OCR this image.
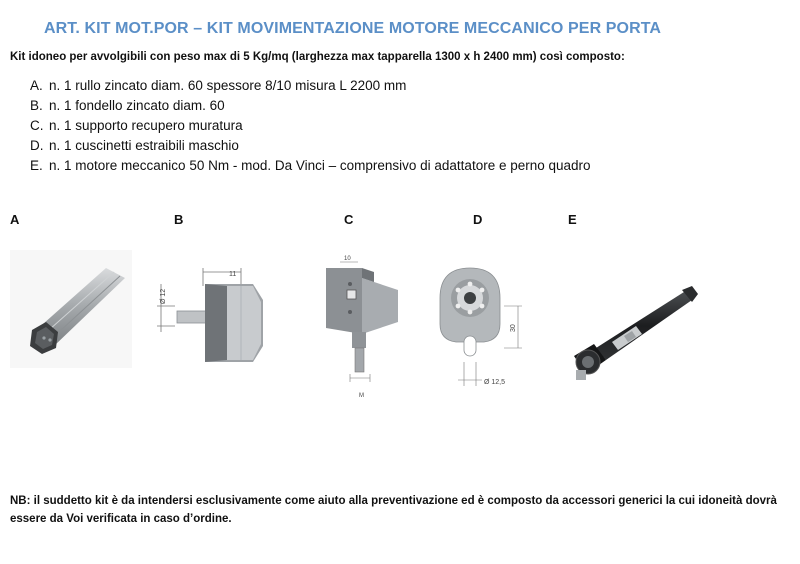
ART. KIT MOT.POR – KIT MOVIMENTAZIONE MOTORE MECCANICO PER PORTA

Kit idoneo per avvolgibili con peso max di 5 Kg/mq (larghezza max tapparella 1300 x h 2400 mm) così composto:

A. n. 1 rullo zincato diam. 60 spessore 8/10 misura L 2200 mm
B. n. 1 fondello zincato diam. 60
C. n. 1 supporto recupero muratura
D. n. 1 cuscinetti estraibili maschio
E. n. 1 motore meccanico 50 Nm - mod. Da Vinci – comprensivo di adattatore e perno quadro
A	B	C	D	E
Ø 12
11
10
M
30
Ø 12,5

NB: il suddetto kit è da intendersi esclusivamente come aiuto alla preventivazione ed è composto da accessori generici la cui idoneità dovrà essere da Voi verificata in caso d’ordine.
